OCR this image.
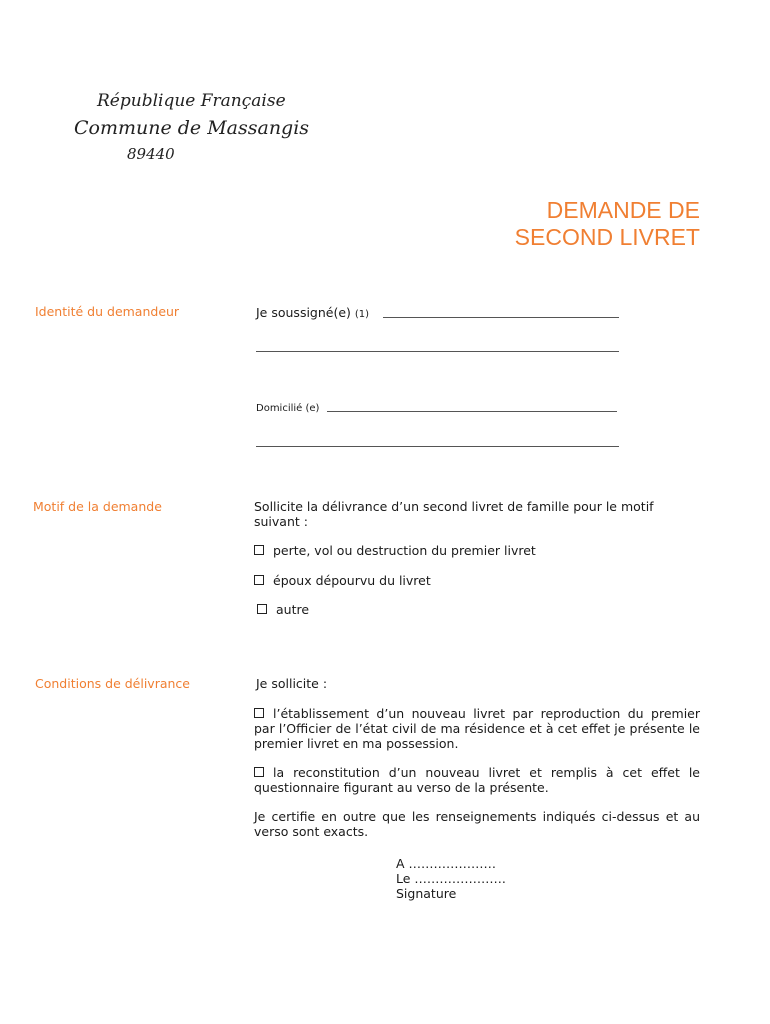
République Française
Commune de Massangis
89440
DEMANDE DE
SECOND LIVRET
Identité du demandeur	Je soussigné(e) (1)
Domicilié (e)
Motif de la demande	Sollicite la délivrance d’un second livret de famille pour le motif suivant :
perte, vol ou destruction du premier livret
époux dépourvu du livret
autre
Conditions de délivrance	Je sollicite :
l’établissement d’un nouveau livret par reproduction du premier par l’Officier de l’état civil de ma résidence et à cet effet je présente le premier livret en ma possession.
la reconstitution d’un nouveau livret et remplis à cet effet le questionnaire figurant au verso de la présente.
Je certifie en outre que les renseignements indiqués ci-dessus et au verso sont exacts.
A …………………
Le ………………….
Signature
